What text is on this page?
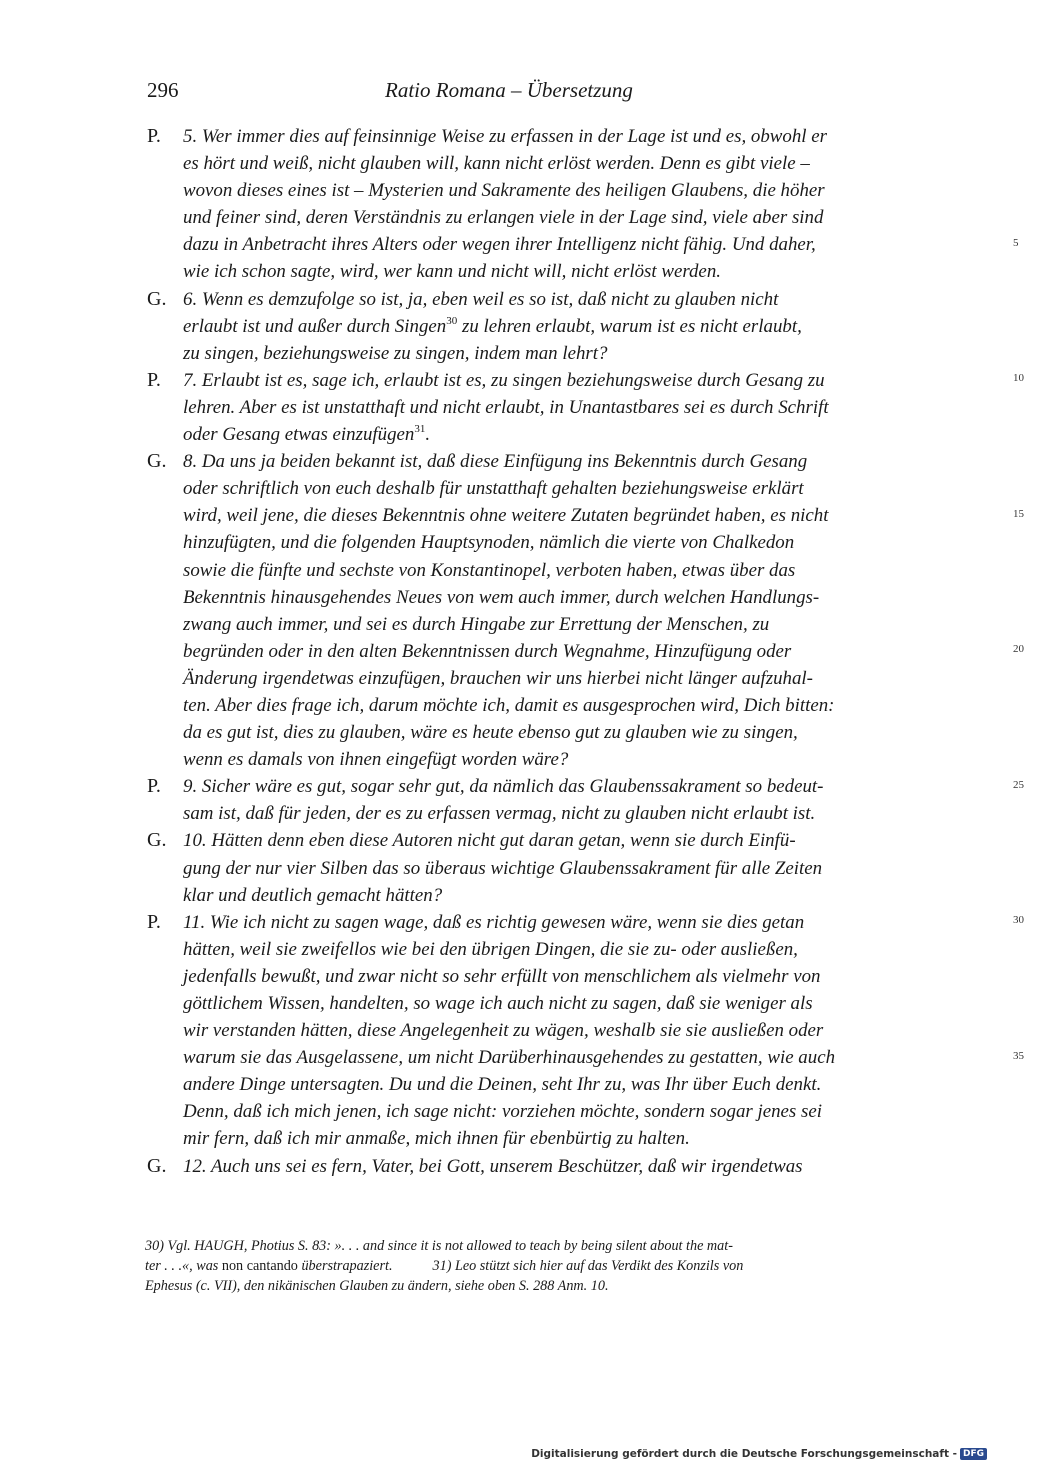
296	Ratio Romana – Übersetzung
P.	5. Wer immer dies auf feinsinnige Weise zu erfassen in der Lage ist und es, obwohl er
es hört und weiß, nicht glauben will, kann nicht erlöst werden. Denn es gibt viele –
wovon dieses eines ist – Mysterien und Sakramente des heiligen Glaubens, die höher
und feiner sind, deren Verständnis zu erlangen viele in der Lage sind, viele aber sind
dazu in Anbetracht ihres Alters oder wegen ihrer Intelligenz nicht fähig. Und daher,
wie ich schon sagte, wird, wer kann und nicht will, nicht erlöst werden.
G. 6. Wenn es demzufolge so ist, ja, eben weil es so ist, daß nicht zu glauben nicht
erlaubt ist und außer durch Singen$^{30}$ zu lehren erlaubt, warum ist es nicht erlaubt,
zu singen, beziehungsweise zu singen, indem man lehrt?
P.	7. Erlaubt ist es, sage ich, erlaubt ist es, zu singen beziehungsweise durch Gesang zu
lehren. Aber es ist unstatthaft und nicht erlaubt, in Unantastbares sei es durch Schrift
oder Gesang etwas einzufügen$^{31}$.
G. 8. Da uns ja beiden bekannt ist, daß diese Einfügung ins Bekenntnis durch Gesang
oder schriftlich von euch deshalb für unstatthaft gehalten beziehungsweise erklärt
wird, weil jene, die dieses Bekenntnis ohne weitere Zutaten begründet haben, es nicht
hinzufügten, und die folgenden Hauptsynoden, nämlich die vierte von Chalkedon
sowie die fünfte und sechste von Konstantinopel, verboten haben, etwas über das
Bekenntnis hinausgehendes Neues von wem auch immer, durch welchen Handlungs-
zwang auch immer, und sei es durch Hingabe zur Errettung der Menschen, zu
begründen oder in den alten Bekenntnissen durch Wegnahme, Hinzufügung oder
Änderung irgendetwas einzufügen, brauchen wir uns hierbei nicht länger aufzuhal-
ten. Aber dies frage ich, darum möchte ich, damit es ausgesprochen wird, Dich bitten:
da es gut ist, dies zu glauben, wäre es heute ebenso gut zu glauben wie zu singen,
wenn es damals von ihnen eingefügt worden wäre?
P.	9. Sicher wäre es gut, sogar sehr gut, da nämlich das Glaubenssakrament so bedeut-
sam ist, daß für jeden, der es zu erfassen vermag, nicht zu glauben nicht erlaubt ist.
G. 10. Hätten denn eben diese Autoren nicht gut daran getan, wenn sie durch Einfü-
gung der nur vier Silben das so überaus wichtige Glaubenssakrament für alle Zeiten
klar und deutlich gemacht hätten?
P.	11. Wie ich nicht zu sagen wage, daß es richtig gewesen wäre, wenn sie dies getan
hätten, weil sie zweifellos wie bei den übrigen Dingen, die sie zu- oder ausließen,
jedenfalls bewußt, und zwar nicht so sehr erfüllt von menschlichem als vielmehr von
göttlichem Wissen, handelten, so wage ich auch nicht zu sagen, daß sie weniger als
wir verstanden hätten, diese Angelegenheit zu wägen, weshalb sie sie ausließen oder
warum sie das Ausgelassene, um nicht Darüberhinausgehendes zu gestatten, wie auch
andere Dinge untersagten. Du und die Deinen, seht Ihr zu, was Ihr über Euch denkt.
Denn, daß ich mich jenen, ich sage nicht: vorziehen möchte, sondern sogar jenes sei
mir fern, daß ich mir anmaße, mich ihnen für ebenbürtig zu halten.
G. 12. Auch uns sei es fern, Vater, bei Gott, unserem Beschützer, daß wir irgendetwas
5
10
15
20
25
30
35
30) Vgl. HAUGH, Photius S. 83: ». . . and since it is not allowed to teach by being silent about the mat-
ter . . .«, was non cantando überstrapaziert.	31) Leo stützt sich hier auf das Verdikt des Konzils von
Ephesus (c. VII), den nikänischen Glauben zu ändern, siehe oben S. 288 Anm. 10.
Digitalisierung gefördert durch die Deutsche Forschungsgemeinschaft - DFG
